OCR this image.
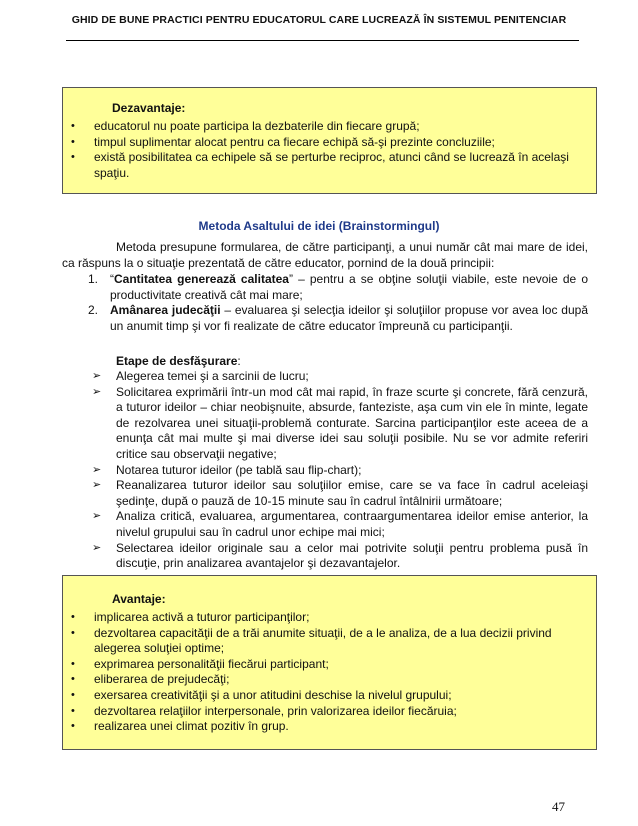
GHID DE BUNE PRACTICI PENTRU EDUCATORUL CARE LUCREAZĂ ÎN SISTEMUL PENITENCIAR
Dezavantaje:
• educatorul nu poate participa la dezbaterile din fiecare grupă;
• timpul suplimentar alocat pentru ca fiecare echipă să-şi prezinte concluziile;
• există posibilitatea ca echipele să se perturbe reciproc, atunci când se lucrează în acelaşi spaţiu.
Metoda Asaltului de idei (Brainstormingul)

Metoda presupune formularea, de către participanţi, a unui număr cât mai mare de idei, ca răspuns la o situaţie prezentată de către educator, pornind de la două principii:

1. “Cantitatea generează calitatea” – pentru a se obţine soluţii viabile, este nevoie de o productivitate creativă cât mai mare;
2. Amânarea judecăţii – evaluarea şi selecţia ideilor şi soluţiilor propuse vor avea loc după un anumit timp şi vor fi realizate de către educator împreună cu participanţii.
Etape de desfăşurare:
➢ Alegerea temei şi a sarcinii de lucru;
➢ Solicitarea exprimării într-un mod cât mai rapid, în fraze scurte şi concrete, fără cenzură, a tuturor ideilor – chiar neobişnuite, absurde, fanteziste, aşa cum vin ele în minte, legate de rezolvarea unei situaţii-problemă conturate. Sarcina participanţilor este aceea de a enunţa cât mai multe şi mai diverse idei sau soluţii posibile. Nu se vor admite referiri critice sau observaţii negative;
➢ Notarea tuturor ideilor (pe tablă sau flip-chart);
➢ Reanalizarea tuturor ideilor sau soluţiilor emise, care se va face în cadrul aceleiaşi şedinţe, după o pauză de 10-15 minute sau în cadrul întâlnirii următoare;
➢ Analiza critică, evaluarea, argumentarea, contraargumentarea ideilor emise anterior, la nivelul grupului sau în cadrul unor echipe mai mici;
➢ Selectarea ideilor originale sau a celor mai potrivite soluţii pentru problema pusă în discuţie, prin analizarea avantajelor şi dezavantajelor.
Avantaje:
• implicarea activă a tuturor participanţilor;
• dezvoltarea capacităţii de a trăi anumite situaţii, de a le analiza, de a lua decizii privind alegerea soluţiei optime;
• exprimarea personalităţii fiecărui participant;
• eliberarea de prejudecăţi;
• exersarea creativităţii şi a unor atitudini deschise la nivelul grupului;
• dezvoltarea relaţiilor interpersonale, prin valorizarea ideilor fiecăruia;
• realizarea unei climat pozitiv în grup.
47
